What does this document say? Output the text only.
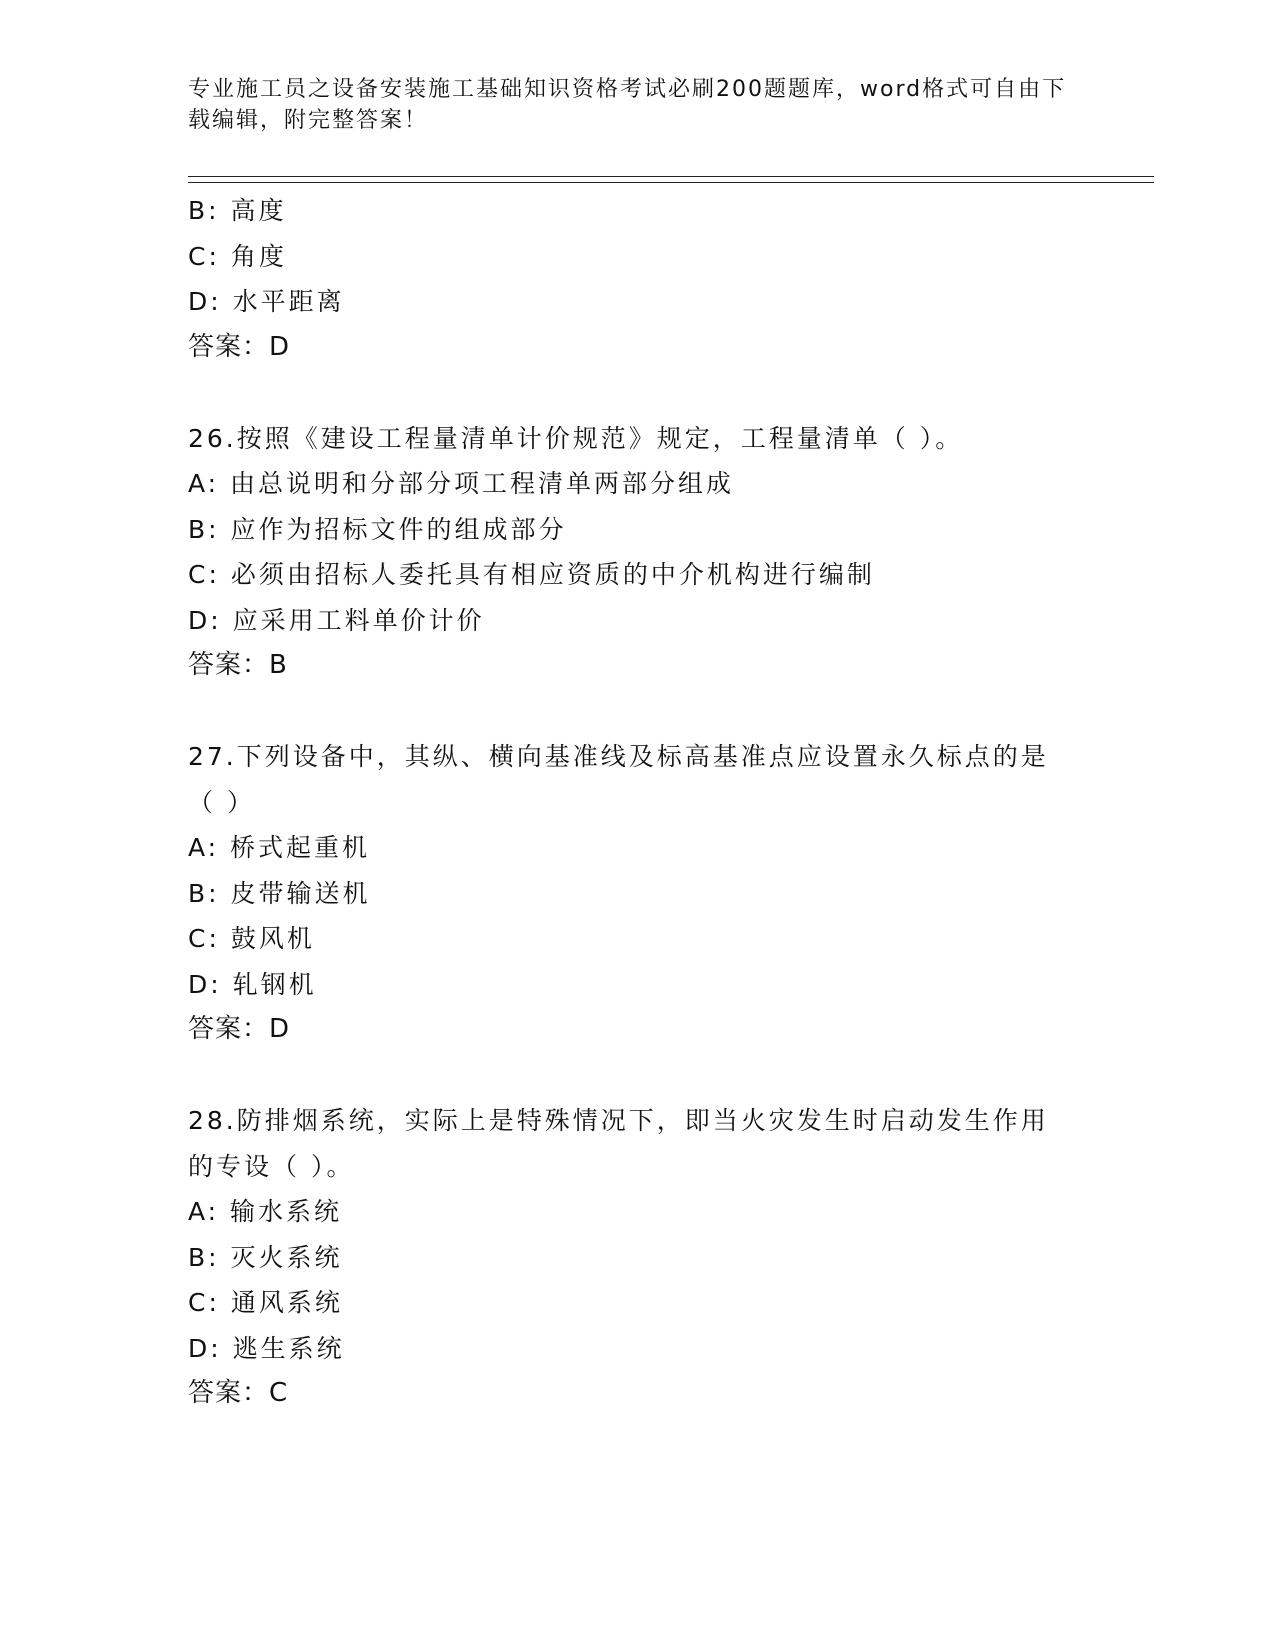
专业施工员之设备安装施工基础知识资格考试必刷200题题库，word格式可自由下载编辑，附完整答案！
B: 高度
C: 角度
D: 水平距离
答案：D
26.按照《建设工程量清单计价规范》规定，工程量清单（ ）。
A: 由总说明和分部分项工程清单两部分组成
B: 应作为招标文件的组成部分
C: 必须由招标人委托具有相应资质的中介机构进行编制
D: 应采用工料单价计价
答案：B
27.下列设备中，其纵、横向基准线及标高基准点应设置永久标点的是
（ ）
A: 桥式起重机
B: 皮带输送机
C: 鼓风机
D: 轧钢机
答案：D
28.防排烟系统，实际上是特殊情况下，即当火灾发生时启动发生作用
的专设（ ）。
A: 输水系统
B: 灭火系统
C: 通风系统
D: 逃生系统
答案：C
